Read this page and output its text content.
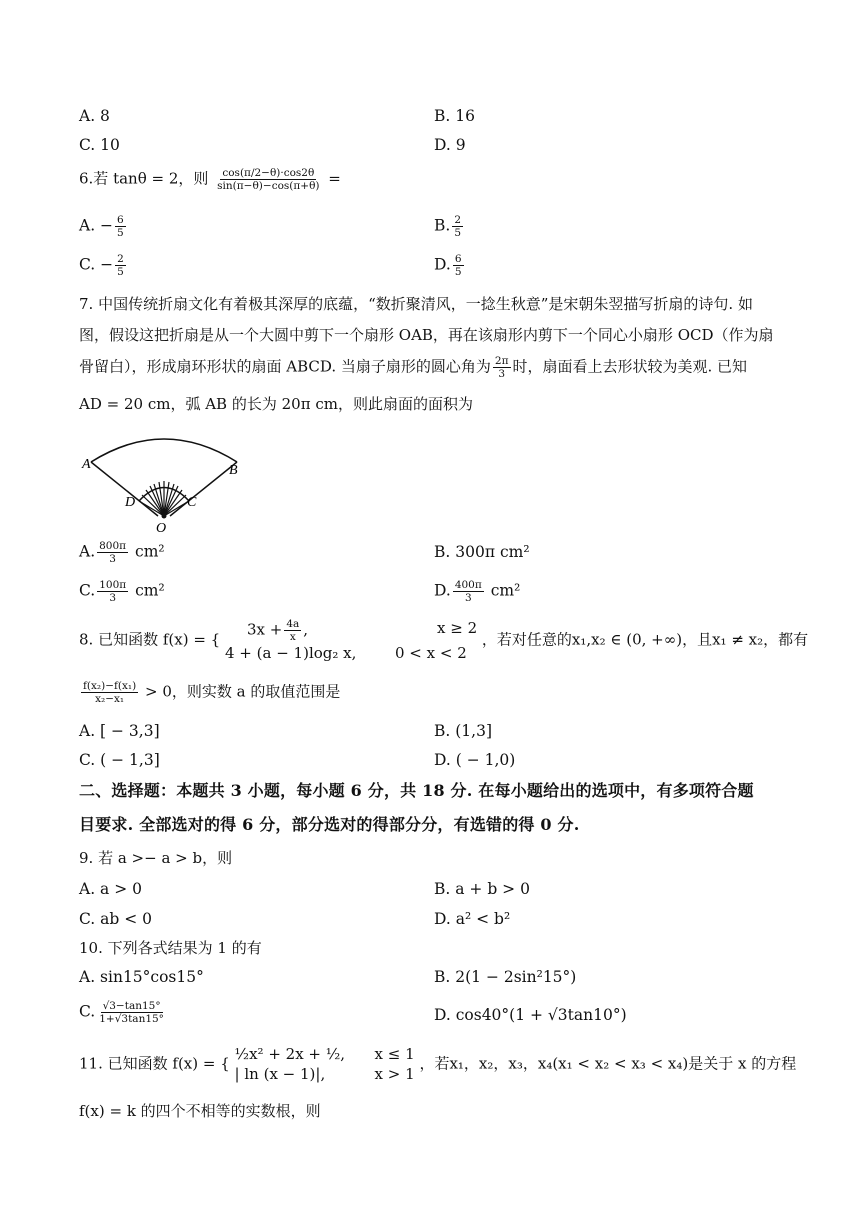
A. 8	B. 16
C. 10	D. 9
6.若 tanθ = 2，则 $\frac{\cos(\pi/2-\theta)\cdot\cos 2\theta}{\sin(\pi-\theta)-\cos(\pi+\theta)}$ =
A. − $\frac{6}{5}$	B. $\frac{2}{5}$
C. − $\frac{2}{5}$	D. $\frac{6}{5}$
7. 中国传统折扇文化有着极其深厚的底蕴，“数折聚清风，一捻生秋意”是宋朝朱翌描写折扇的诗句. 如
图，假设这把折扇是从一个大圆中剪下一个扇形 OAB，再在该扇形内剪下一个同心小扇形 OCD（作为扇
骨留白），形成扇环形状的扇面 ABCD. 当扇子扇形的圆心角为 $\frac{2\pi}{3}$ 时，扇面看上去形状较为美观. 已知
AD = 20 cm，弧 AB 的长为 20π cm，则此扇面的面积为
A	B
D	C
O
A. $\frac{800\pi}{3} cm^2$	B. 300π cm²
C. $\frac{100\pi}{3} cm^2$	D. $\frac{400\pi}{3} cm^2$
8. 已知函数 f(x) = {
$3x + \frac{4a}{x}$ ,	x ≥ 2
4 + (a − 1)log₂ x,	0 < x < 2
，若对任意的x₁,x₂ ∈ (0, +∞)，且x₁ ≠ x₂，都有
$\frac{\text{f(x₂)−f(x₁)}}{\text{x₂−x₁}} > 0$，则实数 a 的取值范围是
A. [ − 3,3]	B. (1,3]
C. ( − 1,3]	D. ( − 1,0)
二、选择题：本题共 3 小题，每小题 6 分，共 18 分. 在每小题给出的选项中，有多项符合题
目要求. 全部选对的得 6 分，部分选对的得部分分，有选错的得 0 分.
9. 若 a >− a > b，则
A. a > 0	B. a + b > 0
C. ab < 0	D. a² < b²
10. 下列各式结果为 1 的有
A. sin15°cos15°	B. 2(1 − 2sin²15°)
C. $\frac{√3-\tan 15^\circ}{1+√3\tan 15^\circ}$	D. cos40°(1 + √3tan10°)
11. 已知函数 f(x) = {
½x² + 2x + ½,	x ≤ 1
| ln (x − 1)|,	x > 1
，若x₁，x₂，x₃，x₄(x₁ < x₂ < x₃ < x₄)是关于 x 的方程
f(x) = k 的四个不相等的实数根，则
